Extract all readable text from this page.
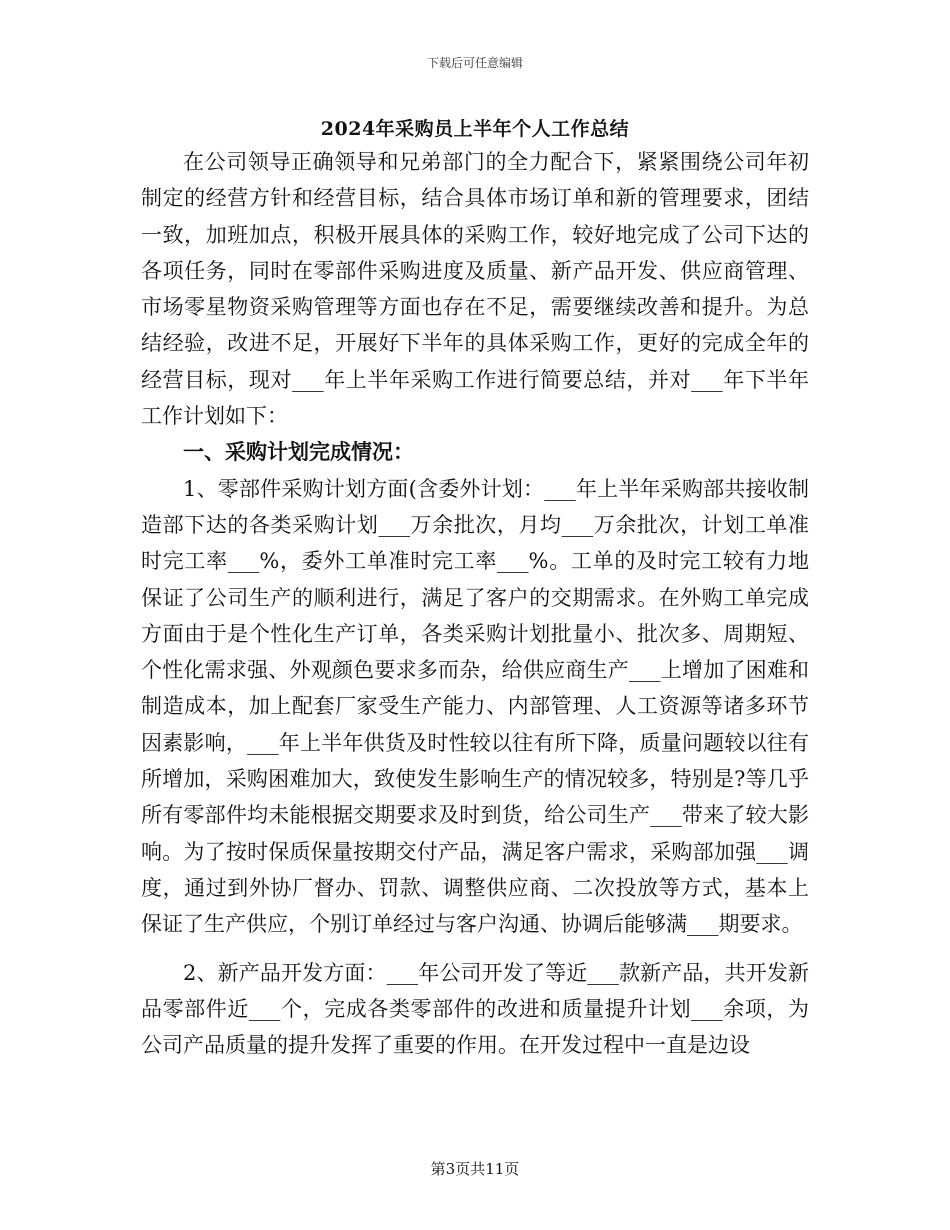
下载后可任意编辑
2024年采购员上半年个人工作总结

在公司领导正确领导和兄弟部门的全力配合下，紧紧围绕公司年初制定的经营方针和经营目标，结合具体市场订单和新的管理要求，团结一致，加班加点，积极开展具体的采购工作，较好地完成了公司下达的各项任务，同时在零部件采购进度及质量、新产品开发、供应商管理、市场零星物资采购管理等方面也存在不足，需要继续改善和提升。为总结经验，改进不足，开展好下半年的具体采购工作，更好的完成全年的经营目标，现对___年上半年采购工作进行简要总结，并对___年下半年工作计划如下：

一、采购计划完成情况：

1、零部件采购计划方面(含委外计划：___年上半年采购部共接收制造部下达的各类采购计划___万余批次，月均___万余批次，计划工单准时完工率___%，委外工单准时完工率___%。工单的及时完工较有力地保证了公司生产的顺利进行，满足了客户的交期需求。在外购工单完成方面由于是个性化生产订单，各类采购计划批量小、批次多、周期短、个性化需求强、外观颜色要求多而杂，给供应商生产___上增加了困难和制造成本，加上配套厂家受生产能力、内部管理、人工资源等诸多环节因素影响，___年上半年供货及时性较以往有所下降，质量问题较以往有所增加，采购困难加大，致使发生影响生产的情况较多，特别是?等几乎所有零部件均未能根据交期要求及时到货，给公司生产___带来了较大影响。为了按时保质保量按期交付产品，满足客户需求，采购部加强___调度，通过到外协厂督办、罚款、调整供应商、二次投放等方式，基本上保证了生产供应，个别订单经过与客户沟通、协调后能够满___期要求。

2、新产品开发方面：___年公司开发了等近___款新产品，共开发新品零部件近___个，完成各类零部件的改进和质量提升计划___余项，为公司产品质量的提升发挥了重要的作用。在开发过程中一直是边设

第3页共11页
